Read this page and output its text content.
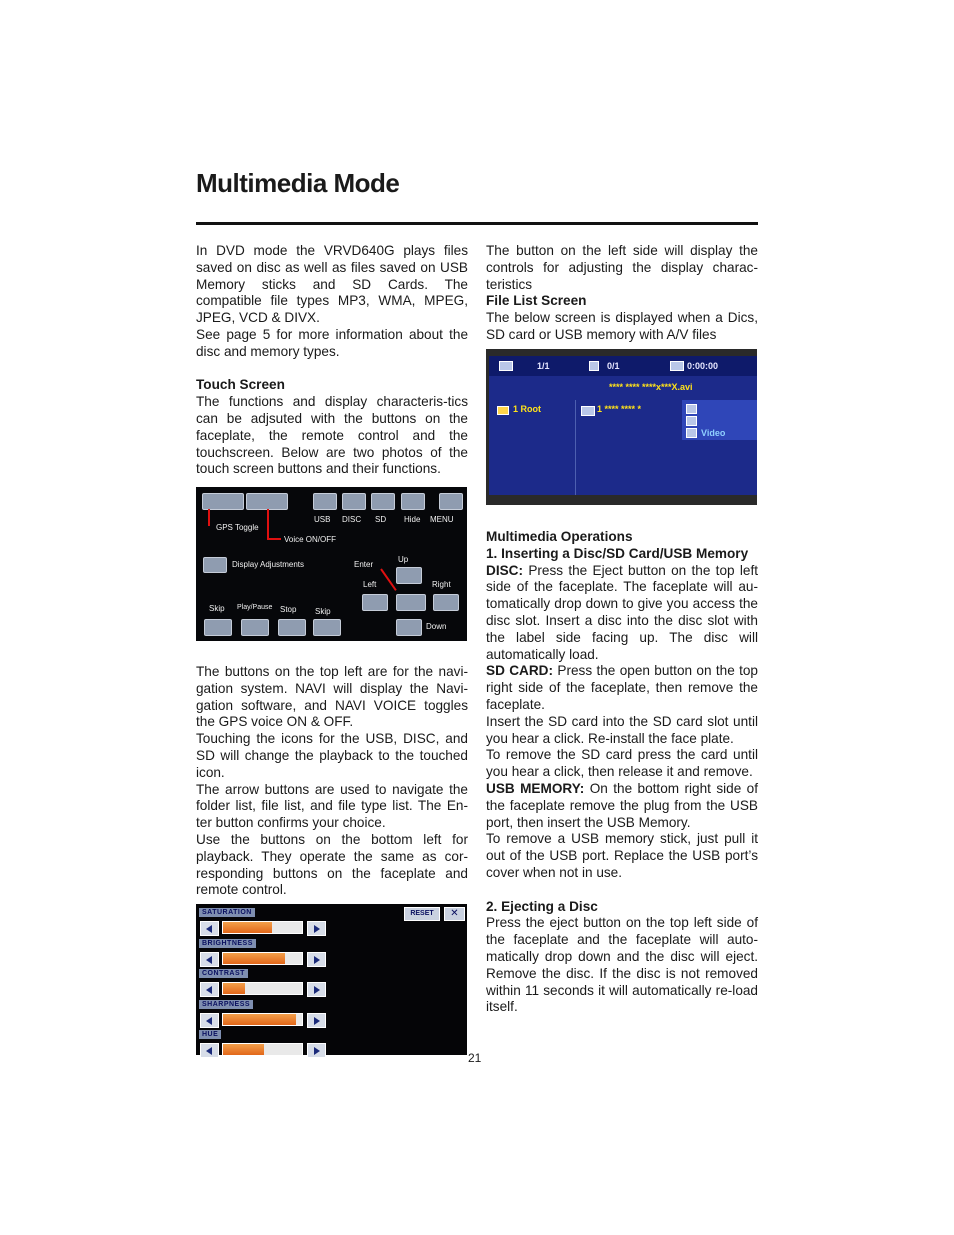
Multimedia Mode

In DVD mode the VRVD640G plays files saved on disc as well as files saved on USB Memory sticks and SD Cards. The compatible file types MP3, WMA, MPEG, JPEG, VCD & DIVX.

See page 5 for more information about the disc and memory types.

Touch Screen

The functions and display characteris-tics can be adjsuted with the buttons on the faceplate, the remote control and the touchscreen. Below are two photos of the touch screen buttons and their functions.

GPS Toggle
Voice ON/OFF
USB DISC SD Hide MENU
Display Adjustments	Enter
Up
Left	Right
Down
Skip Play/Pause Stop Skip

The buttons on the top left are for the navi-gation system. NAVI will display the Navi-gation software, and NAVI VOICE toggles the GPS voice ON & OFF.

Touching the icons for the USB, DISC, and SD will change the playback to the touched icon.

The arrow buttons are used to navigate the folder list, file list, and file type list. The En-ter button confirms your choice.

Use the buttons on the bottom left for playback. They operate the same as cor-responding buttons on the faceplate and remote control.

RESET	✕
SATURATION
BRIGHTNESS
CONTRAST
SHARPNESS
HUE

The button on the left side will display the controls for adjusting the display charac-teristics

File List Screen

The below screen is displayed when a Dics, SD card or USB memory with A/V files

1/1	0/1	0:00:00
**** **** ****x***X.avi
1 Root	1 **** **** *
Video

Multimedia Operations

1. Inserting a Disc/SD Card/USB Memory

DISC: Press the Eject button on the top left side of the faceplate. The faceplate will au-tomatically drop down to give you access the disc slot. Insert a disc into the disc slot with the label side facing up. The disc will automatically load.

SD CARD: Press the open button on the top right side of the faceplate, then remove the faceplate.

Insert the SD card into the SD card slot until you hear a click. Re-install the face plate.

To remove the SD card press the card until you hear a click, then release it and remove.

USB MEMORY: On the bottom right side of the faceplate remove the plug from the USB port, then insert the USB Memory.

To remove a USB memory stick, just pull it out of the USB port. Replace the USB port’s cover when not in use.

2. Ejecting a Disc

Press the eject button on the top left side of the faceplate and the faceplate will auto-matically drop down and the disc will eject. Remove the disc. If the disc is not removed within 11 seconds it will automatically re-load itself.

21
